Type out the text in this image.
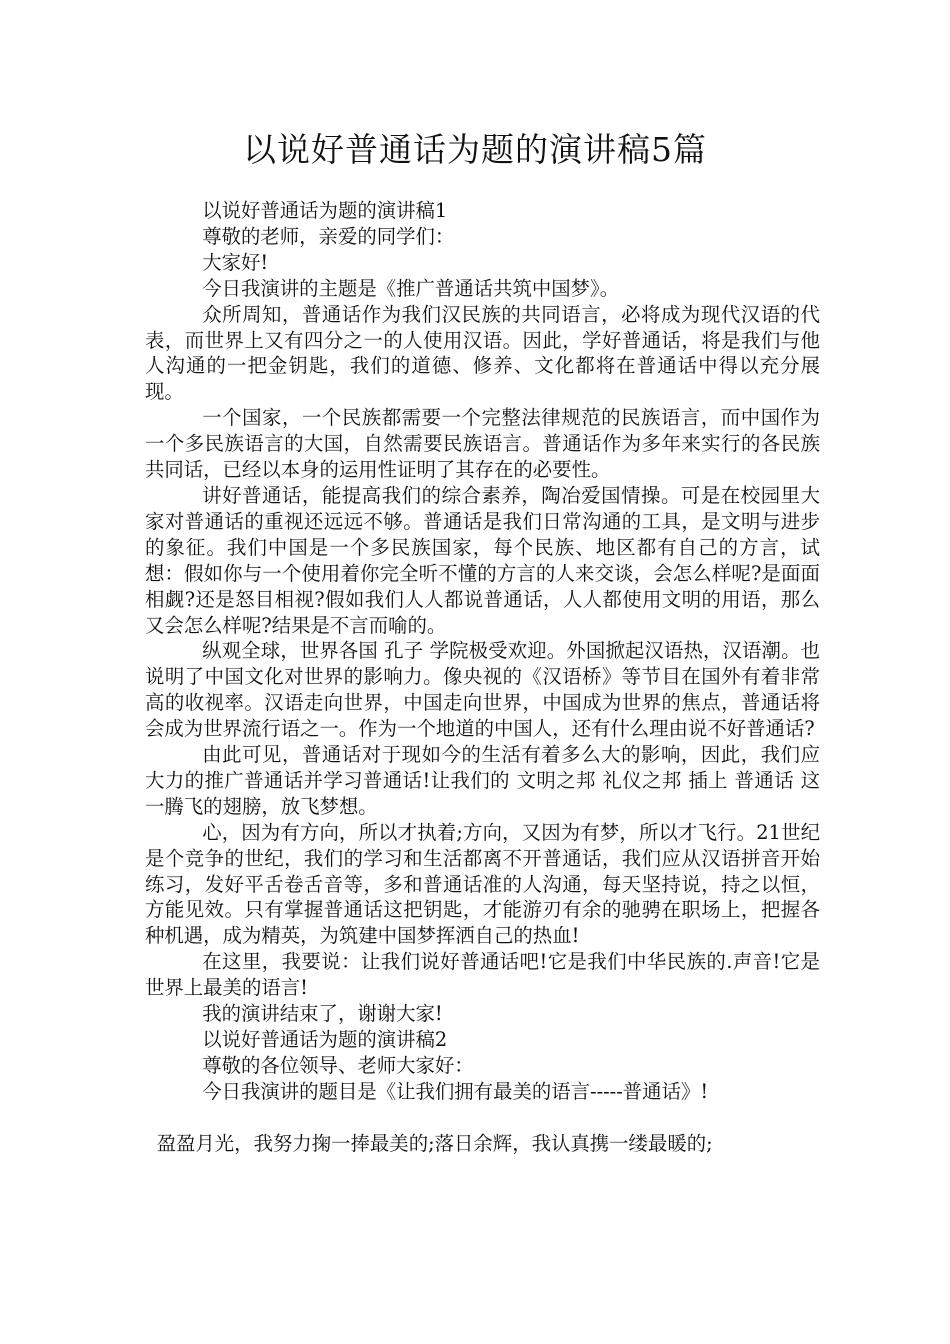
以说好普通话为题的演讲稿5篇

以说好普通话为题的演讲稿1

尊敬的老师，亲爱的同学们：

大家好!

今日我演讲的主题是《推广普通话共筑中国梦》。

众所周知，普通话作为我们汉民族的共同语言，必将成为现代汉语的代表，而世界上又有四分之一的人使用汉语。因此，学好普通话，将是我们与他人沟通的一把金钥匙，我们的道德、修养、文化都将在普通话中得以充分展现。

一个国家，一个民族都需要一个完整法律规范的民族语言，而中国作为一个多民族语言的大国，自然需要民族语言。普通话作为多年来实行的各民族共同话，已经以本身的运用性证明了其存在的必要性。

讲好普通话，能提高我们的综合素养，陶冶爱国情操。可是在校园里大家对普通话的重视还远远不够。普通话是我们日常沟通的工具，是文明与进步的象征。我们中国是一个多民族国家，每个民族、地区都有自己的方言，试想：假如你与一个使用着你完全听不懂的方言的人来交谈，会怎么样呢?是面面相觑?还是怒目相视?假如我们人人都说普通话，人人都使用文明的用语，那么又会怎么样呢?结果是不言而喻的。

纵观全球，世界各国 孔子 学院极受欢迎。外国掀起汉语热，汉语潮。也说明了中国文化对世界的影响力。像央视的《汉语桥》等节目在国外有着非常高的收视率。汉语走向世界，中国走向世界，中国成为世界的焦点，普通话将会成为世界流行语之一。作为一个地道的中国人，还有什么理由说不好普通话?

由此可见，普通话对于现如今的生活有着多么大的影响，因此，我们应大力的推广普通话并学习普通话!让我们的 文明之邦 礼仪之邦 插上 普通话 这一腾飞的翅膀，放飞梦想。

心，因为有方向，所以才执着;方向，又因为有梦，所以才飞行。21世纪是个竞争的世纪，我们的学习和生活都离不开普通话，我们应从汉语拼音开始练习，发好平舌卷舌音等，多和普通话准的人沟通，每天坚持说，持之以恒，方能见效。只有掌握普通话这把钥匙，才能游刃有余的驰骋在职场上，把握各种机遇，成为精英，为筑建中国梦挥洒自己的热血!

在这里，我要说：让我们说好普通话吧!它是我们中华民族的.声音!它是世界上最美的语言!

我的演讲结束了，谢谢大家!

以说好普通话为题的演讲稿2

尊敬的各位领导、老师大家好：

今日我演讲的题目是《让我们拥有最美的语言-----普通话》!

盈盈月光，我努力掬一捧最美的;落日余辉，我认真携一缕最暖的;
